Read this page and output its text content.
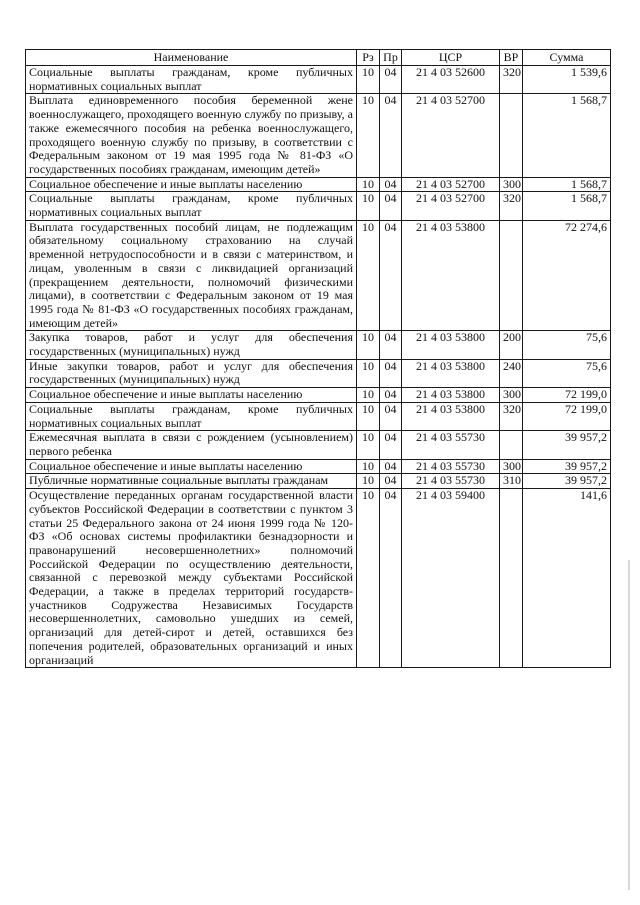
Наименование	Рз	Пр	ЦСР	ВР	Сумма
Социальные выплаты гражданам, кроме публичных нормативных социальных выплат	10	04	21 4 03 52600	320	1 539,6
Выплата единовременного пособия беременной жене военнослужащего, проходящего военную службу по призыву, а также ежемесячного пособия на ребенка военнослужащего, проходящего военную службу по призыву, в соответствии с Федеральным законом от 19 мая 1995 года № 81-ФЗ «О государственных пособиях гражданам, имеющим детей»	10	04	21 4 03 52700		1 568,7
Социальное обеспечение и иные выплаты населению	10	04	21 4 03 52700	300	1 568,7
Социальные выплаты гражданам, кроме публичных нормативных социальных выплат	10	04	21 4 03 52700	320	1 568,7
Выплата государственных пособий лицам, не подлежащим обязательному социальному страхованию на случай временной нетрудоспособности и в связи с материнством, и лицам, уволенным в связи с ликвидацией организаций (прекращением деятельности, полномочий физическими лицами), в соответствии с Федеральным законом от 19 мая 1995 года № 81-ФЗ «О государственных пособиях гражданам, имеющим детей»	10	04	21 4 03 53800		72 274,6
Закупка товаров, работ и услуг для обеспечения государственных (муниципальных) нужд	10	04	21 4 03 53800	200	75,6
Иные закупки товаров, работ и услуг для обеспечения государственных (муниципальных) нужд	10	04	21 4 03 53800	240	75,6
Социальное обеспечение и иные выплаты населению	10	04	21 4 03 53800	300	72 199,0
Социальные выплаты гражданам, кроме публичных нормативных социальных выплат	10	04	21 4 03 53800	320	72 199,0
Ежемесячная выплата в связи с рождением (усыновлением) первого ребенка	10	04	21 4 03 55730		39 957,2
Социальное обеспечение и иные выплаты населению	10	04	21 4 03 55730	300	39 957,2
Публичные нормативные социальные выплаты гражданам	10	04	21 4 03 55730	310	39 957,2
Осуществление переданных органам государственной власти субъектов Российской Федерации в соответствии с пунктом 3 статьи 25 Федерального закона от 24 июня 1999 года № 120-ФЗ «Об основах системы профилактики безнадзорности и правонарушений несовершеннолетних» полномочий Российской Федерации по осуществлению деятельности, связанной с перевозкой между субъектами Российской Федерации, а также в пределах территорий государств-участников Содружества Независимых Государств несовершеннолетних, самовольно ушедших из семей, организаций для детей-сирот и детей, оставшихся без попечения родителей, образовательных организаций и иных организаций	10	04	21 4 03 59400		141,6
